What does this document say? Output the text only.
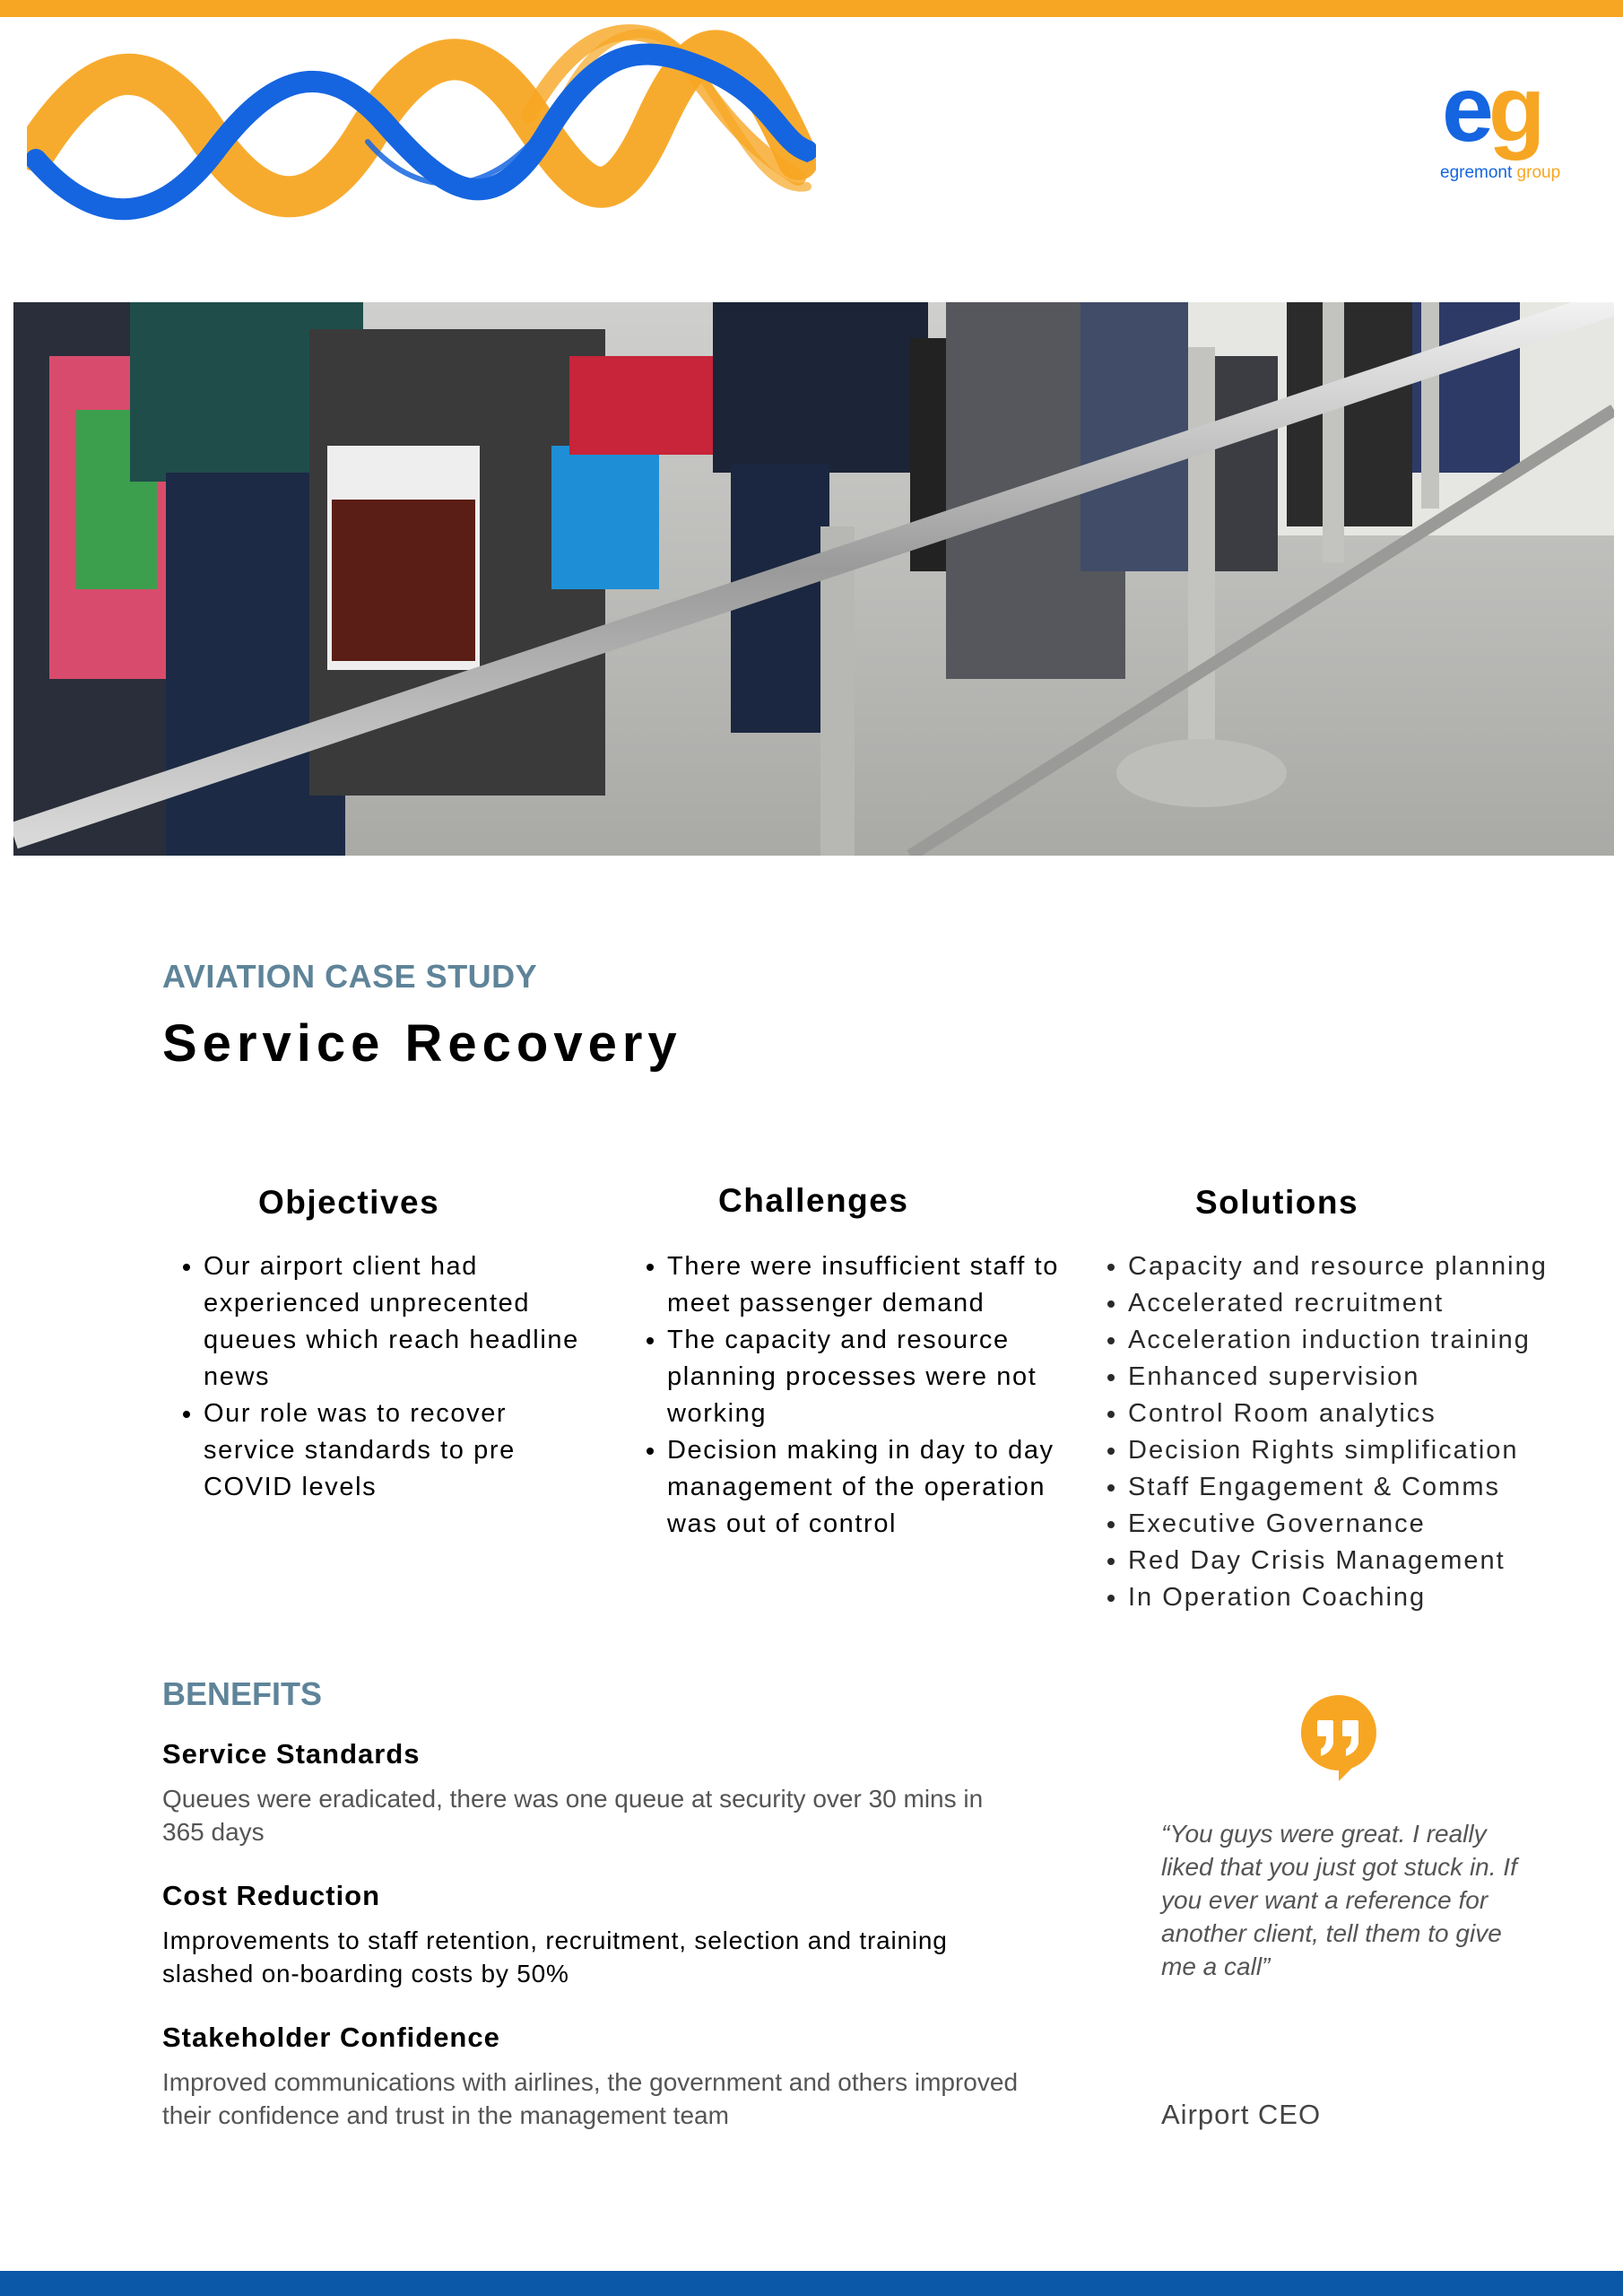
eg
egremont group
AVIATION CASE STUDY
Service Recovery
Objectives
• Our airport client had experienced unprecented queues which reach headline news
• Our role was to recover service standards to pre COVID levels
Challenges
• There were insufficient staff to meet passenger demand
• The capacity and resource planning processes were not working
• Decision making in day to day management of the operation was out of control
Solutions
• Capacity and resource planning
• Accelerated recruitment
• Acceleration induction training
• Enhanced supervision
• Control Room analytics
• Decision Rights simplification
• Staff Engagement & Comms
• Executive Governance
• Red Day Crisis Management
• In Operation Coaching
BENEFITS
Service Standards
Queues were eradicated, there was one queue at security over 30 mins in 365 days
Cost Reduction
Improvements to staff retention, recruitment, selection and training slashed on-boarding costs by 50%
Stakeholder Confidence
Improved communications with airlines, the government and others improved their confidence and trust in the management team
“You guys were great. I really liked that you just got stuck in. If you ever want a reference for another client, tell them to give me a call”
Airport CEO
